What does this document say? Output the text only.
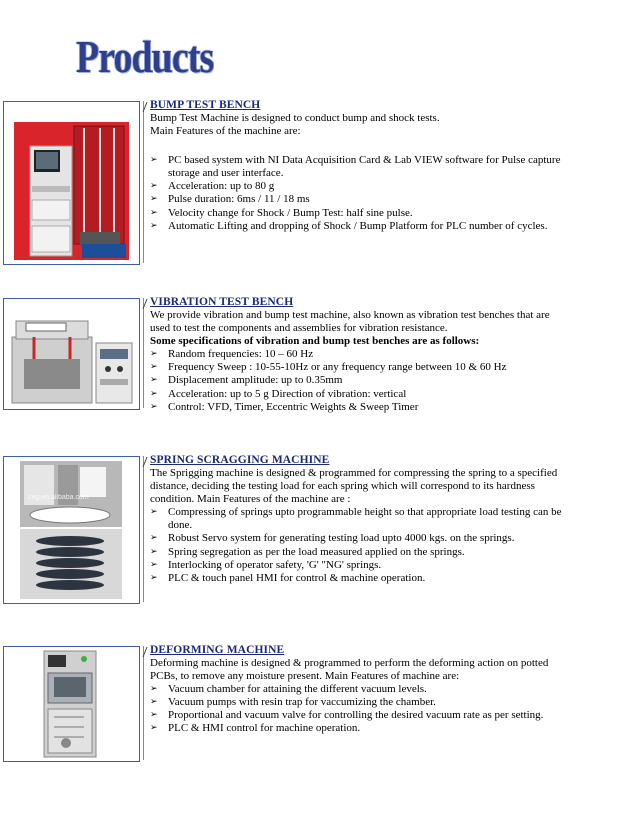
Products
BUMP TEST BENCH

Bump Test Machine is designed to conduct bump and shock tests.

Main Features of the machine are:

➢ PC based system with NI Data Acquisition Card & Lab VIEW software for Pulse capture storage and user interface.
➢ Acceleration: up to 80 g
➢ Pulse duration: 6ms / 11 / 18 ms
➢ Velocity change for Shock / Bump Test: half sine pulse.
➢ Automatic Lifting and dropping of Shock / Bump Platform for PLC number of cycles.
VIBRATION TEST BENCH

We provide vibration and bump test machine, also known as vibration test benches that are used to test the components and assemblies for vibration resistance.

Some specifications of vibration and bump test benches are as follows:

➢ Random frequencies: 10 – 60 Hz
➢ Frequency Sweep : 10-55-10Hz or any frequency range between 10 & 60 Hz
➢ Displacement amplitude: up to 0.35mm
➢ Acceleration: up to 5 g Direction of vibration: vertical
➢ Control: VFD, Timer, Eccentric Weights & Sweep Timer
ceg.en.alibaba.com
SPRING SCRAGGING MACHINE

The Sprigging machine is designed & programmed for compressing the spring to a specified distance, deciding the testing load for each spring which will correspond to its hardness condition. Main Features of the machine are :

➢ Compressing of springs upto programmable height so that appropriate load testing can be done.
➢ Robust Servo system for generating testing load upto 4000 kgs. on the springs.
➢ Spring segregation as per the load measured applied on the springs.
➢ Interlocking of operator safety, 'G' "NG' springs.
➢ PLC & touch panel HMI for control & machine operation.
DEFORMING MACHINE

Deforming machine is designed & programmed to perform the deforming action on potted PCBs, to remove any moisture present. Main Features of machine are:

➢ Vacuum chamber for attaining the different vacuum levels.
➢ Vacuum pumps with resin trap for vaccumizing the chamber.
➢ Proportional and vacuum valve for controlling the desired vacuum rate as per setting.
➢ PLC & HMI control for machine operation.
